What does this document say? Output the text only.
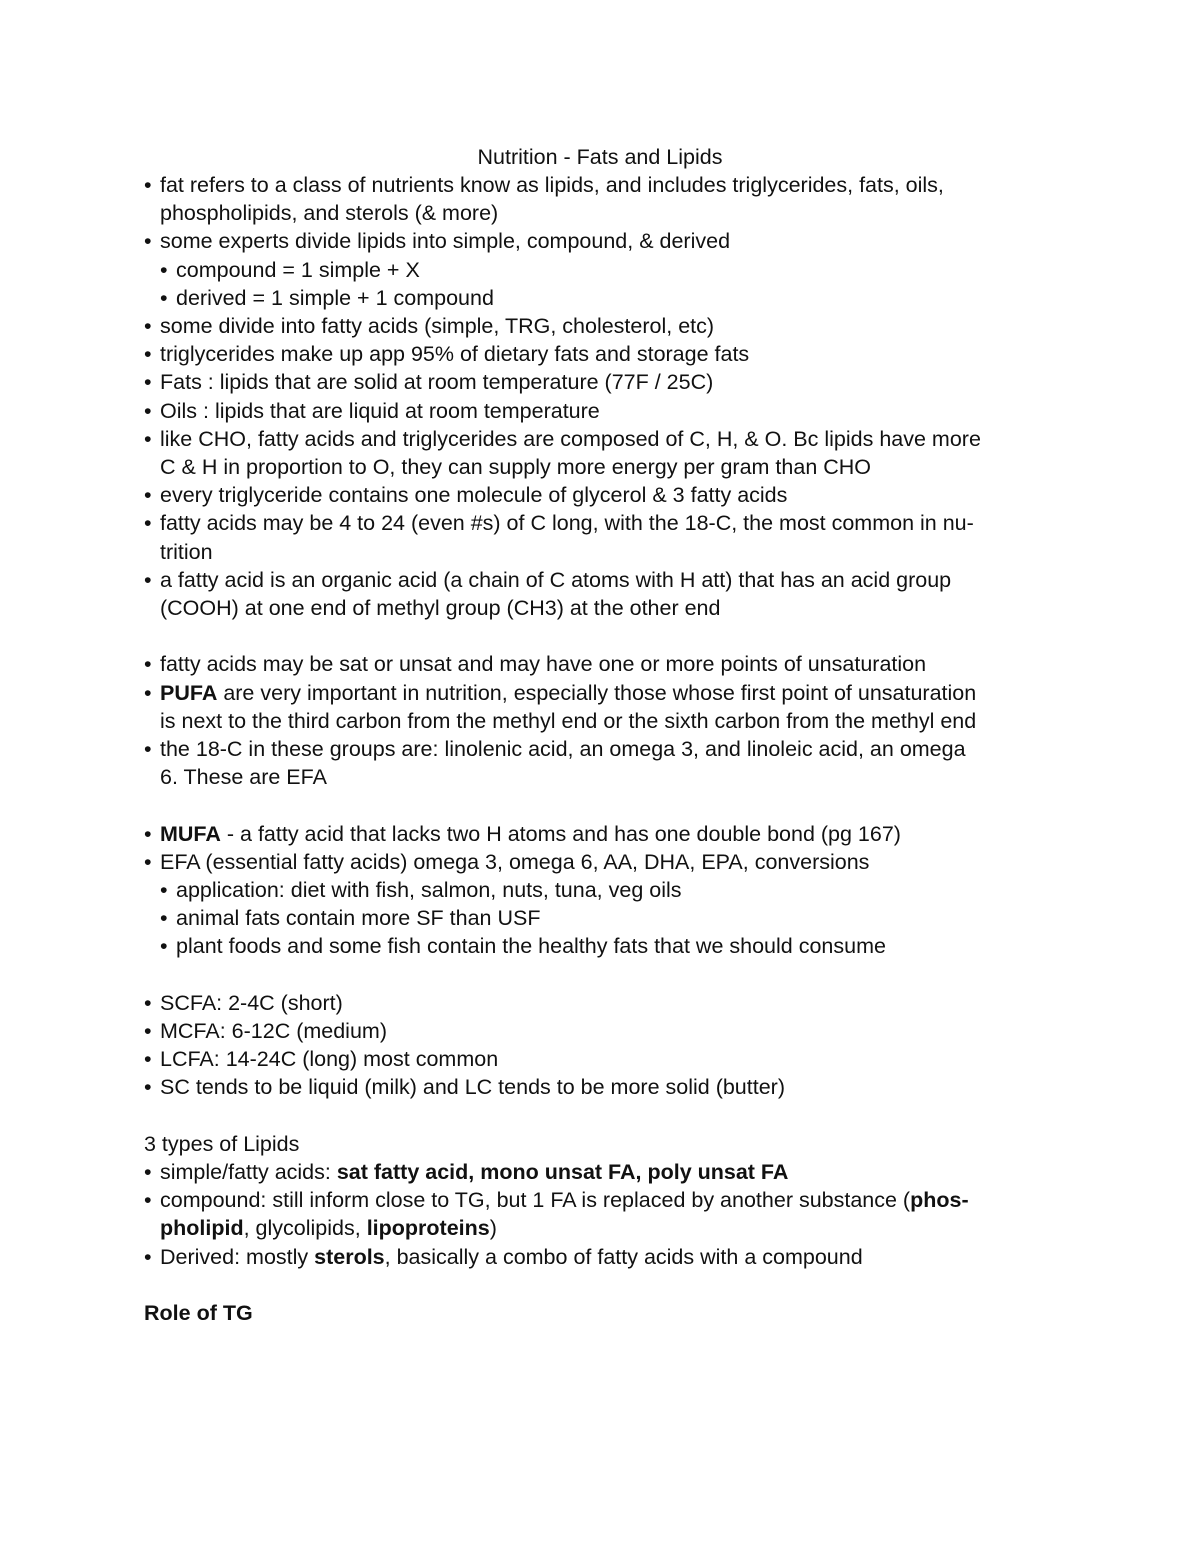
Nutrition - Fats and Lipids
• fat refers to a class of nutrients know as lipids, and includes triglycerides, fats, oils,
phospholipids, and sterols (& more)
• some experts divide lipids into simple, compound, & derived
• compound = 1 simple + X
• derived = 1 simple + 1 compound
• some divide into fatty acids (simple, TRG, cholesterol, etc)
• triglycerides make up app 95% of dietary fats and storage fats
• Fats : lipids that are solid at room temperature (77F / 25C)
• Oils : lipids that are liquid at room temperature
• like CHO, fatty acids and triglycerides are composed of C, H, & O. Bc lipids have more
C & H in proportion to O, they can supply more energy per gram than CHO
• every triglyceride contains one molecule of glycerol & 3 fatty acids
• fatty acids may be 4 to 24 (even #s) of C long, with the 18-C, the most common in nu-
trition
• a fatty acid is an organic acid (a chain of C atoms with H att) that has an acid group
(COOH) at one end of methyl group (CH3) at the other end
• fatty acids may be sat or unsat and may have one or more points of unsaturation
• PUFA are very important in nutrition, especially those whose first point of unsaturation
is next to the third carbon from the methyl end or the sixth carbon from the methyl end
• the 18-C in these groups are: linolenic acid, an omega 3, and linoleic acid, an omega
6. These are EFA
• MUFA - a fatty acid that lacks two H atoms and has one double bond (pg 167)
• EFA (essential fatty acids) omega 3, omega 6, AA, DHA, EPA, conversions
• application: diet with fish, salmon, nuts, tuna, veg oils
• animal fats contain more SF than USF
• plant foods and some fish contain the healthy fats that we should consume
• SCFA: 2-4C (short)
• MCFA: 6-12C (medium)
• LCFA: 14-24C (long) most common
• SC tends to be liquid (milk) and LC tends to be more solid (butter)
3 types of Lipids
• simple/fatty acids: sat fatty acid, mono unsat FA, poly unsat FA
• compound: still inform close to TG, but 1 FA is replaced by another substance (phos-
pholipid, glycolipids, lipoproteins)
• Derived: mostly sterols, basically a combo of fatty acids with a compound
Role of TG
